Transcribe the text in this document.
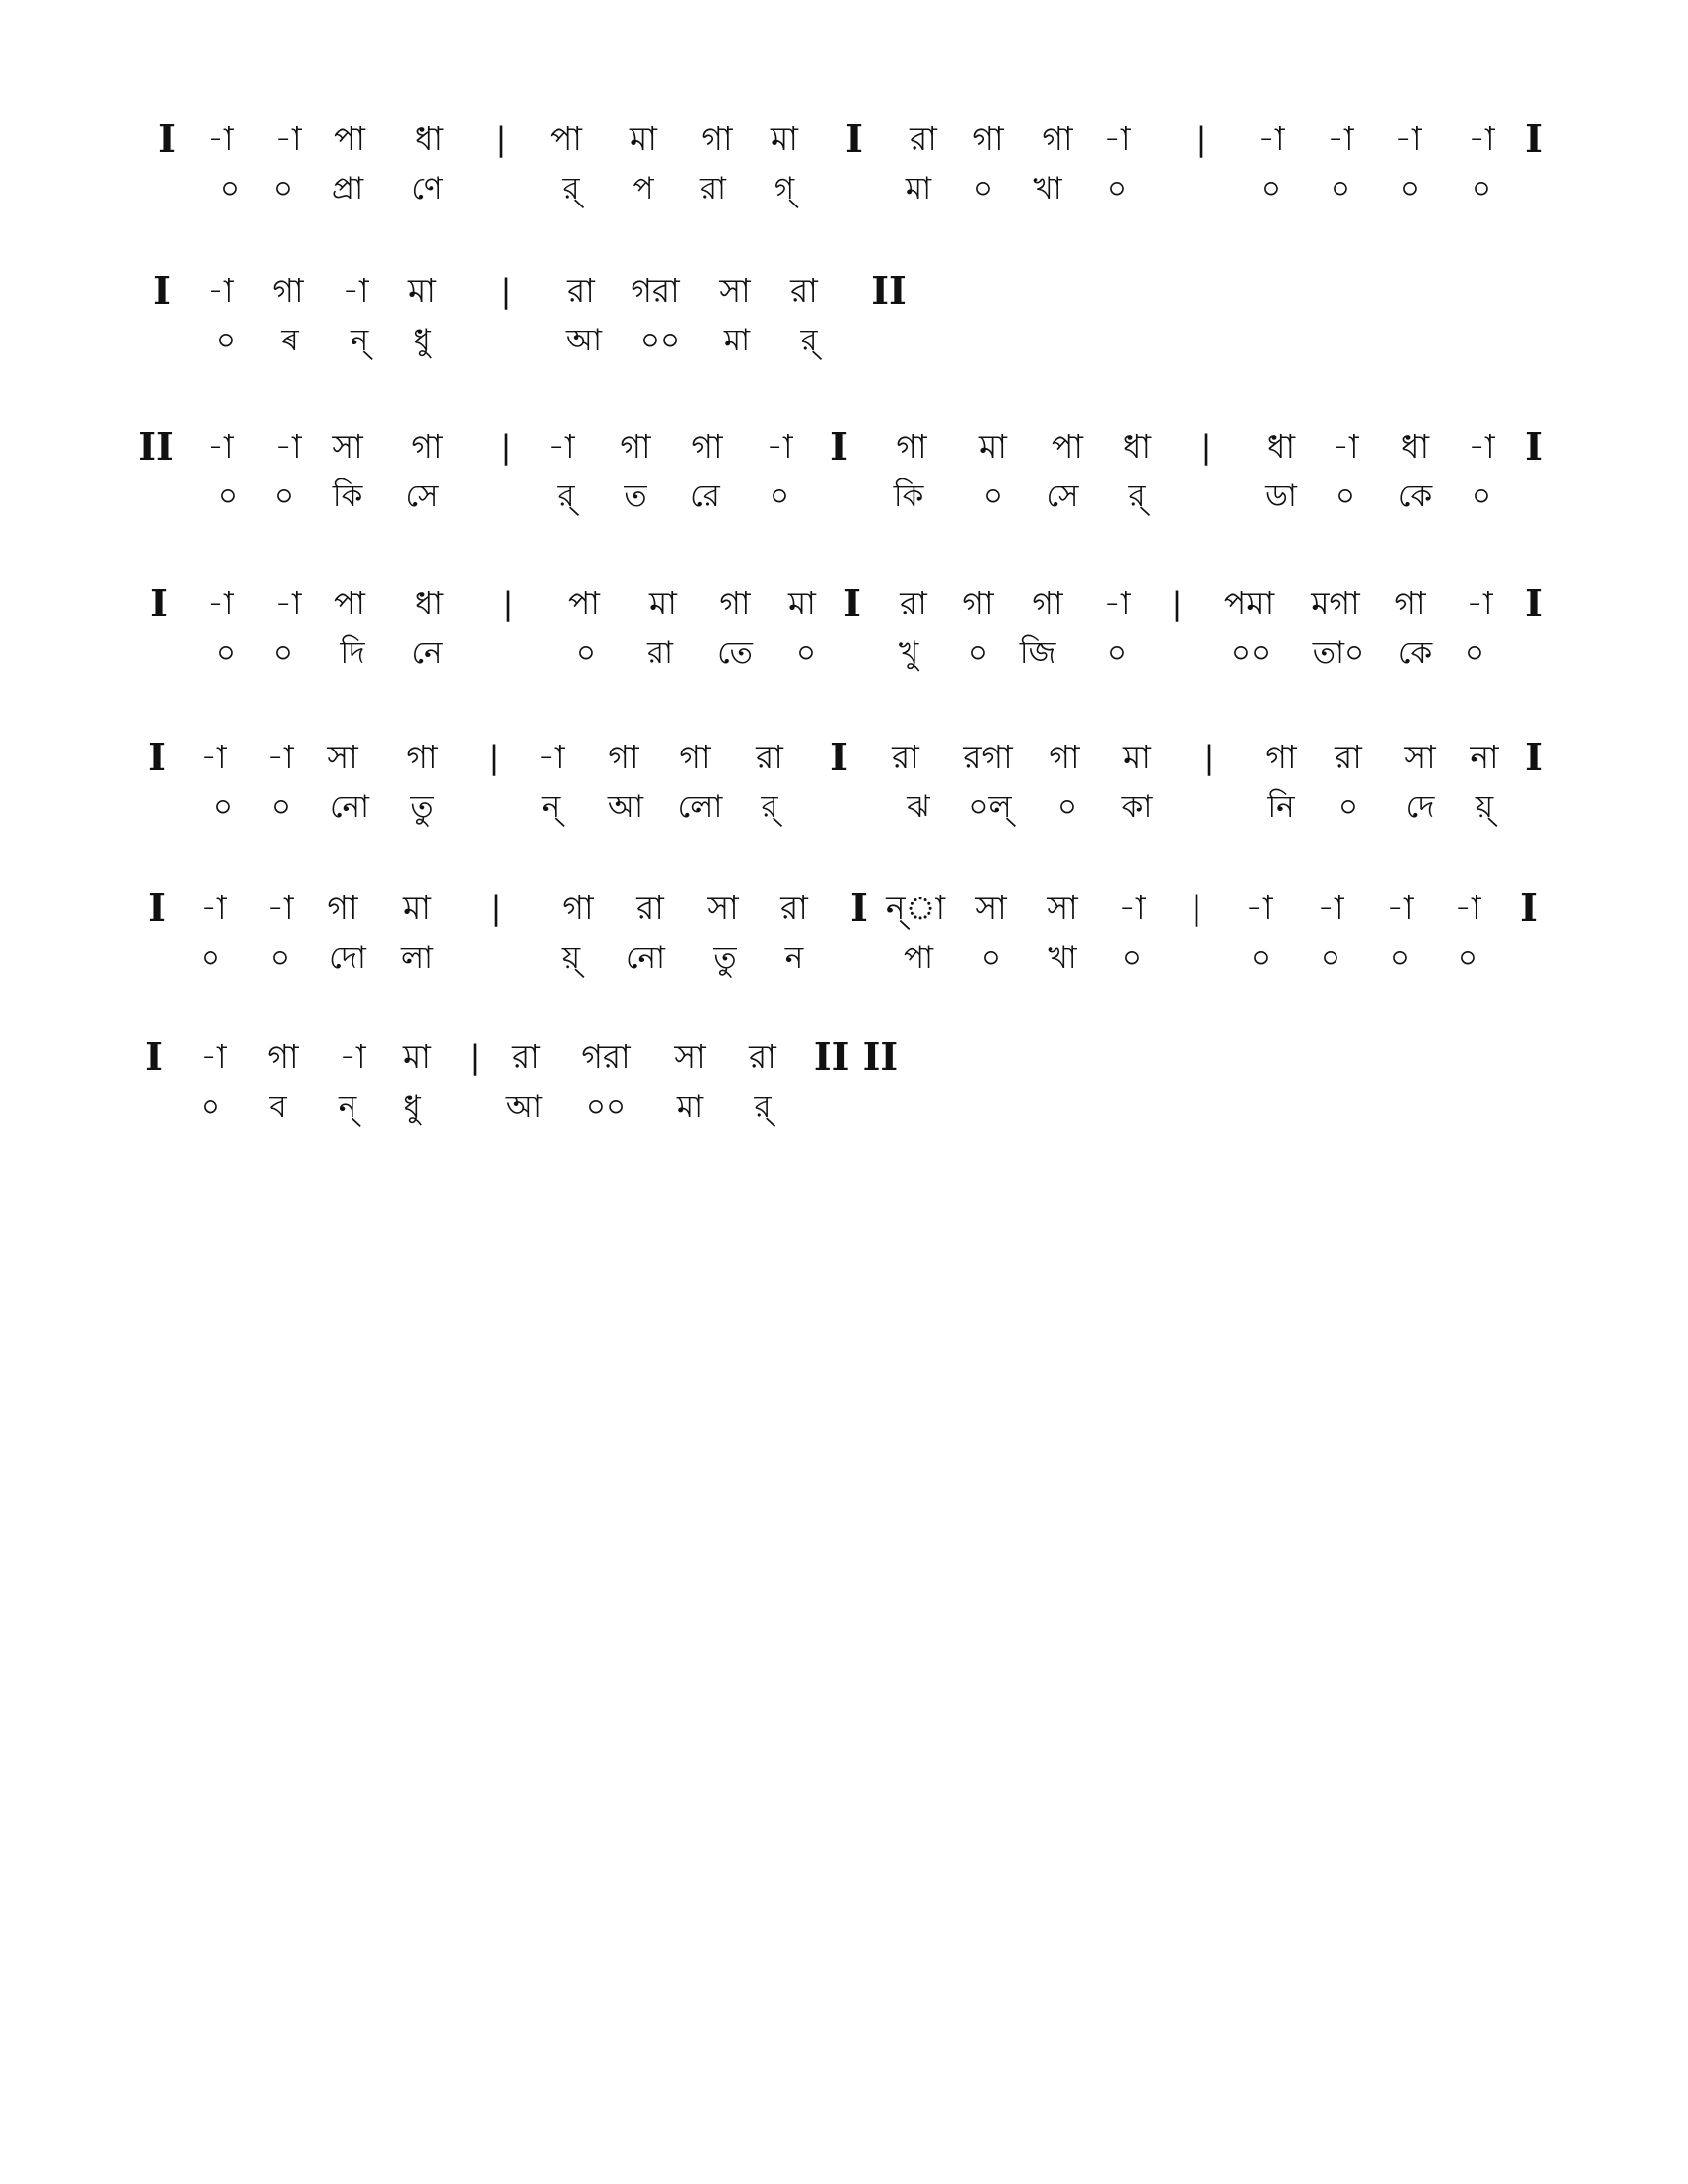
I -া -া পা ধা | পা মা গা মা I রা গা গা -া | -া -া -া -া I
০ ০ প্রা ণে	র্ প রা গ্	মা ০ খা ০	০ ০ ০ ০
I -া গা -া মা | রা গরা সা রা II
০ ৰ ন্ ধু	আ ০০ মা র্
II -া -া সা গা | -া গা গা -া I গা মা পা ধা | ধা -া ধা -া I
০ ০ কি সে	র্ ত রে ০	কি ০ সে র্	ডা ০ কে ০
I -া -া পা ধা | পা মা গা মা I রা গা গা -া | পমা মগা গা -া I
০ ০ দি নে	০ রা তে ০	খু ০ জি ০	০০ তা০ কে ০
I -া -া সা গা | -া গা গা রা I রা রগা গা মা | গা রা সা না I
০ ০ নো তু	ন্ আ লো র্	ঝ ০ল্ ০ কা	নি ০ দে য়্
I -া -া গা মা | গা রা সা রা I ন্া সা সা -া | -া -া -া -া I
০ ০ দো লা	য়্ নো তু ন	পা ০ খা ০	০ ০ ০ ০
I -া গা -া মা | রা গরা সা রা II II
০ ব ন্ ধু	আ ০০ মা র্
